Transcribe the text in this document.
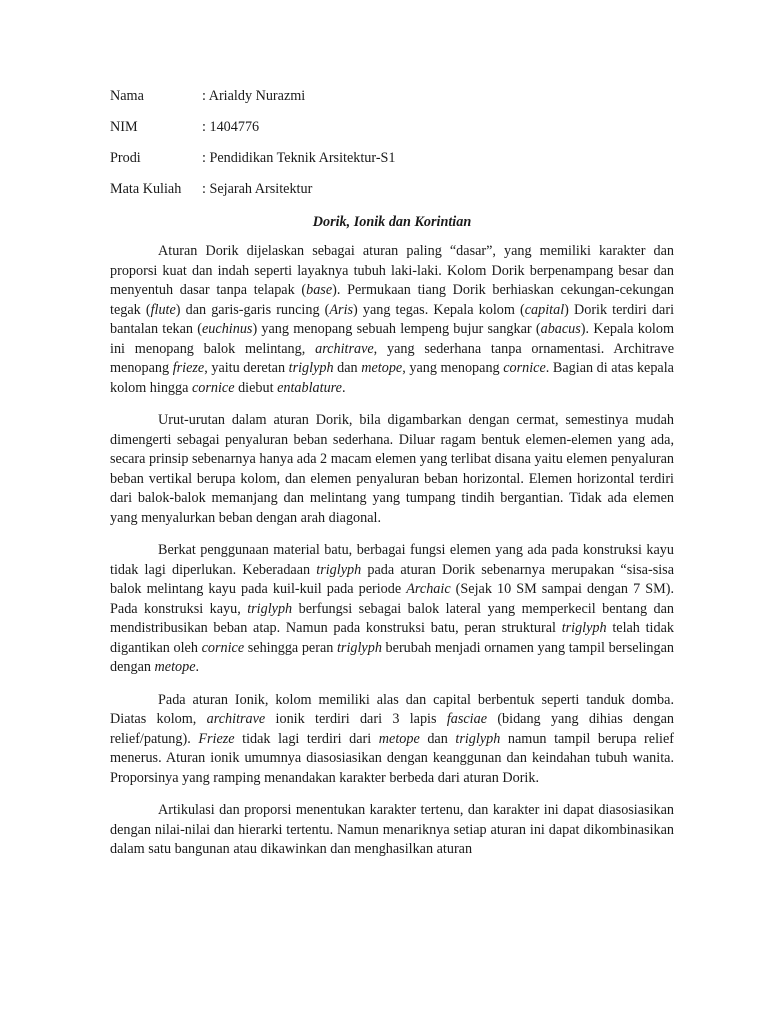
Nama	: Arialdy Nurazmi
NIM	: 1404776
Prodi	: Pendidikan Teknik Arsitektur-S1
Mata Kuliah	: Sejarah Arsitektur
Dorik, Ionik dan Korintian

Aturan Dorik dijelaskan sebagai aturan paling “dasar”, yang memiliki karakter dan proporsi kuat dan indah seperti layaknya tubuh laki-laki. Kolom Dorik berpenampang besar dan menyentuh dasar tanpa telapak (base). Permukaan tiang Dorik berhiaskan cekungan-cekungan tegak (flute) dan garis-garis runcing (Aris) yang tegas. Kepala kolom (capital) Dorik terdiri dari bantalan tekan (euchinus) yang menopang sebuah lempeng bujur sangkar (abacus). Kepala kolom ini menopang balok melintang, architrave, yang sederhana tanpa ornamentasi. Architrave menopang frieze, yaitu deretan triglyph dan metope, yang menopang cornice. Bagian di atas kepala kolom hingga cornice diebut entablature.

Urut-urutan dalam aturan Dorik, bila digambarkan dengan cermat, semestinya mudah dimengerti sebagai penyaluran beban sederhana. Diluar ragam bentuk elemen-elemen yang ada, secara prinsip sebenarnya hanya ada 2 macam elemen yang terlibat disana yaitu elemen penyaluran beban vertikal berupa kolom, dan elemen penyaluran beban horizontal. Elemen horizontal terdiri dari balok-balok memanjang dan melintang yang tumpang tindih bergantian. Tidak ada elemen yang menyalurkan beban dengan arah diagonal.

Berkat penggunaan material batu, berbagai fungsi elemen yang ada pada konstruksi kayu tidak lagi diperlukan. Keberadaan triglyph pada aturan Dorik sebenarnya merupakan “sisa-sisa balok melintang kayu pada kuil-kuil pada periode Archaic (Sejak 10 SM sampai dengan 7 SM). Pada konstruksi kayu, triglyph berfungsi sebagai balok lateral yang memperkecil bentang dan mendistribusikan beban atap. Namun pada konstruksi batu, peran struktural triglyph telah tidak digantikan oleh cornice sehingga peran triglyph berubah menjadi ornamen yang tampil berselingan dengan metope.

Pada aturan Ionik, kolom memiliki alas dan capital berbentuk seperti tanduk domba. Diatas kolom, architrave ionik terdiri dari 3 lapis fasciae (bidang yang dihias dengan relief/patung). Frieze tidak lagi terdiri dari metope dan triglyph namun tampil berupa relief menerus. Aturan ionik umumnya diasosiasikan dengan keanggunan dan keindahan tubuh wanita. Proporsinya yang ramping menandakan karakter berbeda dari aturan Dorik.

Artikulasi dan proporsi menentukan karakter tertenu, dan karakter ini dapat diasosiasikan dengan nilai-nilai dan hierarki tertentu. Namun menariknya setiap aturan ini dapat dikombinasikan dalam satu bangunan atau dikawinkan dan menghasilkan aturan
